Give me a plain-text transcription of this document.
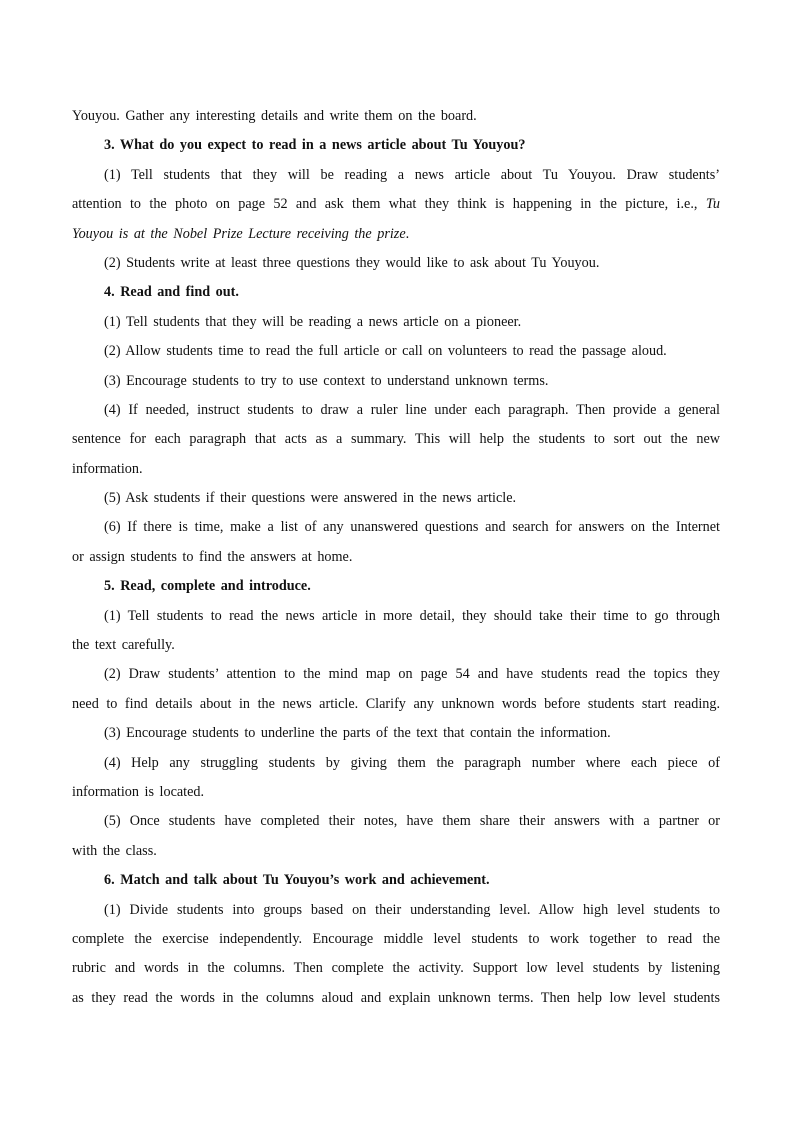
Youyou. Gather any interesting details and write them on the board.
3. What do you expect to read in a news article about Tu Youyou?
(1) Tell students that they will be reading a news article about Tu Youyou. Draw students’
attention to the photo on page 52 and ask them what they think is happening in the picture, i.e., Tu
Youyou is at the Nobel Prize Lecture receiving the prize.
(2) Students write at least three questions they would like to ask about Tu Youyou.
4. Read and find out.
(1) Tell students that they will be reading a news article on a pioneer.
(2) Allow students time to read the full article or call on volunteers to read the passage aloud.
(3) Encourage students to try to use context to understand unknown terms.
(4) If needed, instruct students to draw a ruler line under each paragraph. Then provide a general
sentence for each paragraph that acts as a summary. This will help the students to sort out the new
information.
(5) Ask students if their questions were answered in the news article.
(6) If there is time, make a list of any unanswered questions and search for answers on the Internet
or assign students to find the answers at home.
5. Read, complete and introduce.
(1) Tell students to read the news article in more detail, they should take their time to go through
the text carefully.
(2) Draw students’ attention to the mind map on page 54 and have students read the topics they
need to find details about in the news article. Clarify any unknown words before students start reading.
(3) Encourage students to underline the parts of the text that contain the information.
(4) Help any struggling students by giving them the paragraph number where each piece of
information is located.
(5) Once students have completed their notes, have them share their answers with a partner or
with the class.
6. Match and talk about Tu Youyou’s work and achievement.
(1) Divide students into groups based on their understanding level. Allow high level students to
complete the exercise independently. Encourage middle level students to work together to read the
rubric and words in the columns. Then complete the activity. Support low level students by listening
as they read the words in the columns aloud and explain unknown terms. Then help low level students
